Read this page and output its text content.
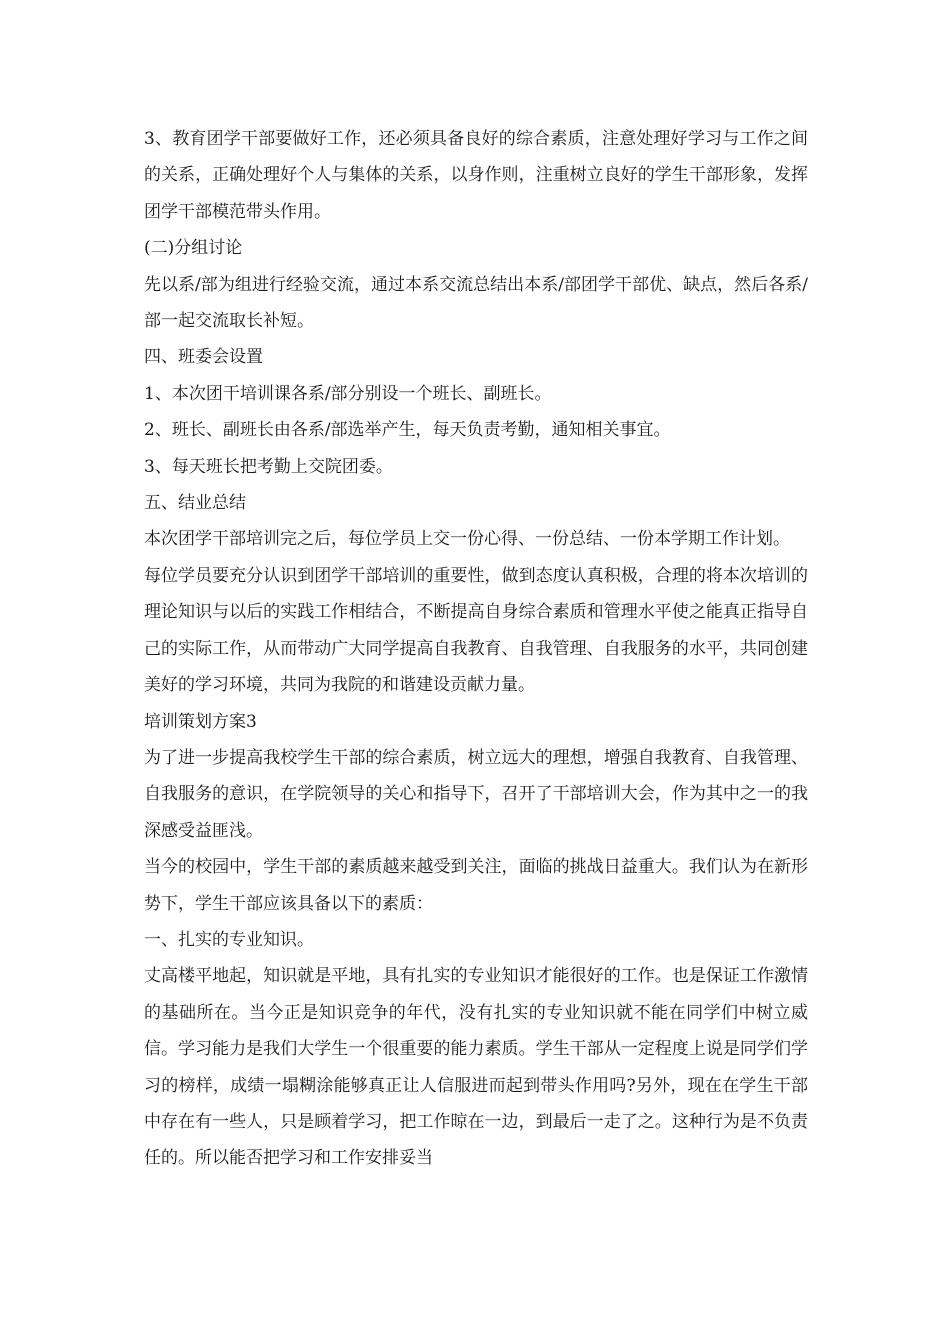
3、教育团学干部要做好工作，还必须具备良好的综合素质，注意处理好学习与工作之间的关系，正确处理好个人与集体的关系，以身作则，注重树立良好的学生干部形象，发挥团学干部模范带头作用。

(二)分组讨论

先以系/部为组进行经验交流，通过本系交流总结出本系/部团学干部优、缺点，然后各系/部一起交流取长补短。

四、班委会设置

1、本次团干培训课各系/部分别设一个班长、副班长。

2、班长、副班长由各系/部选举产生，每天负责考勤，通知相关事宜。

3、每天班长把考勤上交院团委。

五、结业总结

本次团学干部培训完之后，每位学员上交一份心得、一份总结、一份本学期工作计划。

每位学员要充分认识到团学干部培训的重要性，做到态度认真积极，合理的将本次培训的理论知识与以后的实践工作相结合，不断提高自身综合素质和管理水平使之能真正指导自己的实际工作，从而带动广大同学提高自我教育、自我管理、自我服务的水平，共同创建美好的学习环境，共同为我院的和谐建设贡献力量。

培训策划方案3

为了进一步提高我校学生干部的综合素质，树立远大的理想，增强自我教育、自我管理、自我服务的意识，在学院领导的关心和指导下，召开了干部培训大会，作为其中之一的我深感受益匪浅。

当今的校园中，学生干部的素质越来越受到关注，面临的挑战日益重大。我们认为在新形势下，学生干部应该具备以下的素质：

一、扎实的专业知识。

丈高楼平地起，知识就是平地，具有扎实的专业知识才能很好的工作。也是保证工作激情的基础所在。当今正是知识竞争的年代，没有扎实的专业知识就不能在同学们中树立威信。学习能力是我们大学生一个很重要的能力素质。学生干部从一定程度上说是同学们学习的榜样，成绩一塌糊涂能够真正让人信服进而起到带头作用吗?另外，现在在学生干部中存在有一些人，只是顾着学习，把工作晾在一边，到最后一走了之。这种行为是不负责任的。所以能否把学习和工作安排妥当
